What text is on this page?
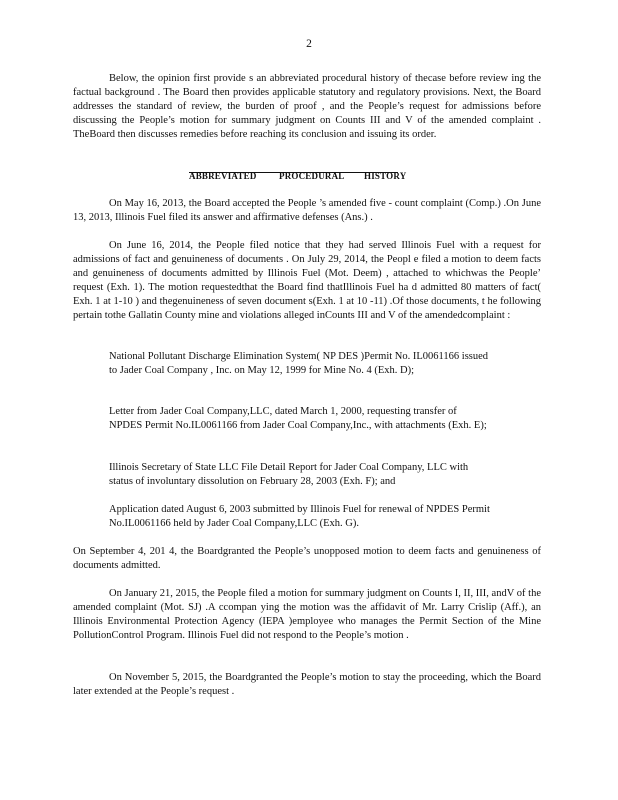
2

Below, the opinion first provide s an abbreviated procedural history of thecase before review ing the factual background . The Board then provides applicable statutory and regulatory provisions. Next, the Board addresses the standard of review, the burden of proof , and the People’s request for admissions before discussing the People’s motion for summary judgment on Counts III and V of the amended complaint . TheBoard then discusses remedies before reaching its conclusion and issuing its order.

ABBREVIATED PROCEDURAL HISTORY

On May 16, 2013, the Board accepted the People ’s amended five - count complaint (Comp.) .On June 13, 2013, Illinois Fuel filed its answer and affirmative defenses (Ans.) .

On June 16, 2014, the People filed notice that they had served Illinois Fuel with a request for admissions of fact and genuineness of documents . On July 29, 2014, the Peopl e filed a motion to deem facts and genuineness of documents admitted by Illinois Fuel (Mot. Deem) , attached to whichwas the People’ request (Exh. 1). The motion requestedthat the Board find thatIllinois Fuel ha d admitted 80 matters of fact( Exh. 1 at 1-10 ) and thegenuineness of seven document s(Exh. 1 at 10 -11) .Of those documents, t he following pertain tothe Gallatin County mine and violations alleged inCounts III and V of the amendedcomplaint :

National Pollutant Discharge Elimination System( NP DES )Permit No. IL0061166 issued to Jader Coal Company , Inc. on May 12, 1999 for Mine No. 4 (Exh. D);

Letter from Jader Coal Company,LLC, dated March 1, 2000, requesting transfer of NPDES Permit No.IL0061166 from Jader Coal Company,Inc., with attachments (Exh. E);

Illinois Secretary of State LLC File Detail Report for Jader Coal Company, LLC with status of involuntary dissolution on February 28, 2003 (Exh. F); and

Application dated August 6, 2003 submitted by Illinois Fuel for renewal of NPDES Permit No.IL0061166 held by Jader Coal Company,LLC (Exh. G).

On September 4, 201 4, the Boardgranted the People’s unopposed motion to deem facts and genuineness of documents admitted.

On January 21, 2015, the People filed a motion for summary judgment on Counts I, II, III, andV of the amended complaint (Mot. SJ) .A ccompan ying the motion was the affidavit of Mr. Larry Crislip (Aff.), an Illinois Environmental Protection Agency (IEPA )employee who manages the Permit Section of the Mine PollutionControl Program. Illinois Fuel did not respond to the People’s motion .

On November 5, 2015, the Boardgranted the People’s motion to stay the proceeding, which the Board later extended at the People’s request .
